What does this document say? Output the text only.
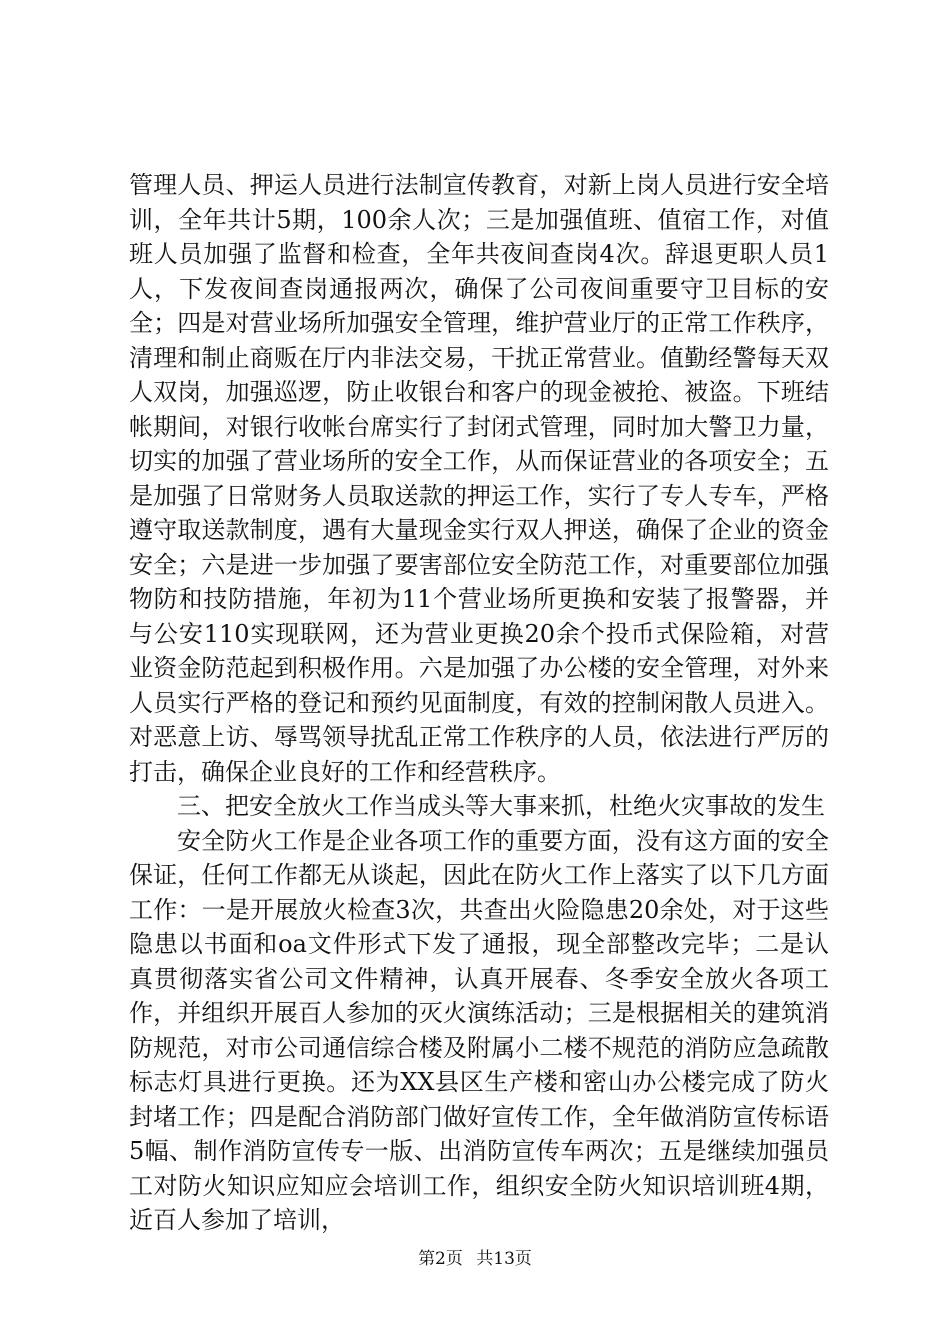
管理人员、押运人员进行法制宣传教育，对新上岗人员进行安全培训，全年共计5期，100余人次；三是加强值班、值宿工作，对值班人员加强了监督和检查，全年共夜间查岗4次。辞退更职人员1人，下发夜间查岗通报两次，确保了公司夜间重要守卫目标的安全；四是对营业场所加强安全管理，维护营业厅的正常工作秩序，清理和制止商贩在厅内非法交易，干扰正常营业。值勤经警每天双人双岗，加强巡逻，防止收银台和客户的现金被抢、被盗。下班结帐期间，对银行收帐台席实行了封闭式管理，同时加大警卫力量，切实的加强了营业场所的安全工作，从而保证营业的各项安全；五是加强了日常财务人员取送款的押运工作，实行了专人专车，严格遵守取送款制度，遇有大量现金实行双人押送，确保了企业的资金安全；六是进一步加强了要害部位安全防范工作，对重要部位加强物防和技防措施，年初为11个营业场所更换和安装了报警器，并与公安110实现联网，还为营业更换20余个投币式保险箱，对营业资金防范起到积极作用。六是加强了办公楼的安全管理，对外来人员实行严格的登记和预约见面制度，有效的控制闲散人员进入。对恶意上访、辱骂领导扰乱正常工作秩序的人员，依法进行严厉的打击，确保企业良好的工作和经营秩序。

三、把安全放火工作当成头等大事来抓，杜绝火灾事故的发生

安全防火工作是企业各项工作的重要方面，没有这方面的安全保证，任何工作都无从谈起，因此在防火工作上落实了以下几方面工作：一是开展放火检查3次，共查出火险隐患20余处，对于这些隐患以书面和oa文件形式下发了通报，现全部整改完毕；二是认真贯彻落实省公司文件精神，认真开展春、冬季安全放火各项工作，并组织开展百人参加的灭火演练活动；三是根据相关的建筑消防规范，对市公司通信综合楼及附属小二楼不规范的消防应急疏散标志灯具进行更换。还为XX县区生产楼和密山办公楼完成了防火封堵工作；四是配合消防部门做好宣传工作，全年做消防宣传标语5幅、制作消防宣传专一版、出消防宣传车两次；五是继续加强员工对防火知识应知应会培训工作，组织安全防火知识培训班4期，近百人参加了培训，

第2页 共13页
